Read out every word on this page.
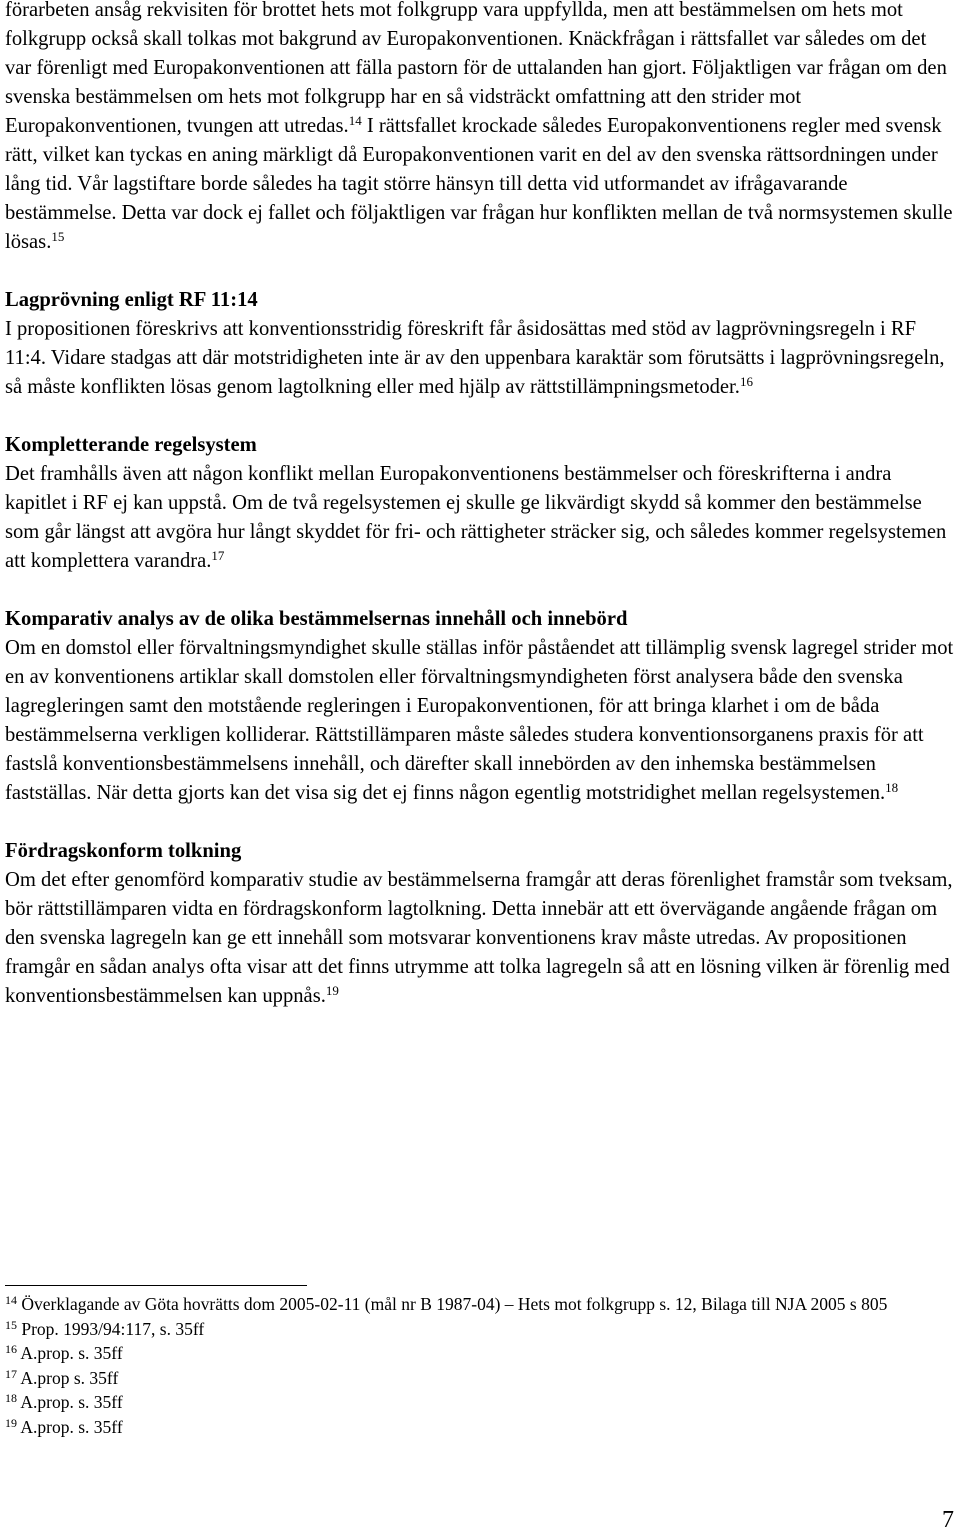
förarbeten ansåg rekvisiten för brottet hets mot folkgrupp vara uppfyllda, men att bestämmelsen om hets mot folkgrupp också skall tolkas mot bakgrund av Europakonventionen. Knäckfrågan i rättsfallet var således om det var förenligt med Europakonventionen att fälla pastorn för de uttalanden han gjort. Följaktligen var frågan om den svenska bestämmelsen om hets mot folkgrupp har en så vidsträckt omfattning att den strider mot Europakonventionen, tvungen att utredas.$^{14}$ I rättsfallet krockade således Europakonventionens regler med svensk rätt, vilket kan tyckas en aning märkligt då Europakonventionen varit en del av den svenska rättsordningen under lång tid. Vår lagstiftare borde således ha tagit större hänsyn till detta vid utformandet av ifrågavarande bestämmelse. Detta var dock ej fallet och följaktligen var frågan hur konflikten mellan de två normsystemen skulle lösas.$^{15}$

Lagprövning enligt RF 11:14

I propositionen föreskrivs att konventionsstridig föreskrift får åsidosättas med stöd av lagprövningsregeln i RF 11:4. Vidare stadgas att där motstridigheten inte är av den uppenbara karaktär som förutsätts i lagprövningsregeln, så måste konflikten lösas genom lagtolkning eller med hjälp av rättstillämpningsmetoder.$^{16}$

Kompletterande regelsystem

Det framhålls även att någon konflikt mellan Europakonventionens bestämmelser och föreskrifterna i andra kapitlet i RF ej kan uppstå. Om de två regelsystemen ej skulle ge likvärdigt skydd så kommer den bestämmelse som går längst att avgöra hur långt skyddet för fri- och rättigheter sträcker sig, och således kommer regelsystemen att komplettera varandra.$^{17}$

Komparativ analys av de olika bestämmelsernas innehåll och innebörd

Om en domstol eller förvaltningsmyndighet skulle ställas inför påståendet att tillämplig svensk lagregel strider mot en av konventionens artiklar skall domstolen eller förvaltningsmyndigheten först analysera både den svenska lagregleringen samt den motstående regleringen i Europakonventionen, för att bringa klarhet i om de båda bestämmelserna verkligen kolliderar. Rättstillämparen måste således studera konventionsorganens praxis för att fastslå konventionsbestämmelsens innehåll, och därefter skall innebörden av den inhemska bestämmelsen fastställas. När detta gjorts kan det visa sig det ej finns någon egentlig motstridighet mellan regelsystemen.$^{18}$

Fördragskonform tolkning

Om det efter genomförd komparativ studie av bestämmelserna framgår att deras förenlighet framstår som tveksam, bör rättstillämparen vidta en fördragskonform lagtolkning. Detta innebär att ett övervägande angående frågan om den svenska lagregeln kan ge ett innehåll som motsvarar konventionens krav måste utredas. Av propositionen framgår en sådan analys ofta visar att det finns utrymme att tolka lagregeln så att en lösning vilken är förenlig med konventionsbestämmelsen kan uppnås.$^{19}$

$^{14}$ Överklagande av Göta hovrätts dom 2005-02-11 (mål nr B 1987-04) – Hets mot folkgrupp s. 12, Bilaga till NJA 2005 s 805

$^{15}$ Prop. 1993/94:117, s. 35ff

$^{16}$ A.prop. s. 35ff

$^{17}$ A.prop s. 35ff

$^{18}$ A.prop. s. 35ff

$^{19}$ A.prop. s. 35ff

7
